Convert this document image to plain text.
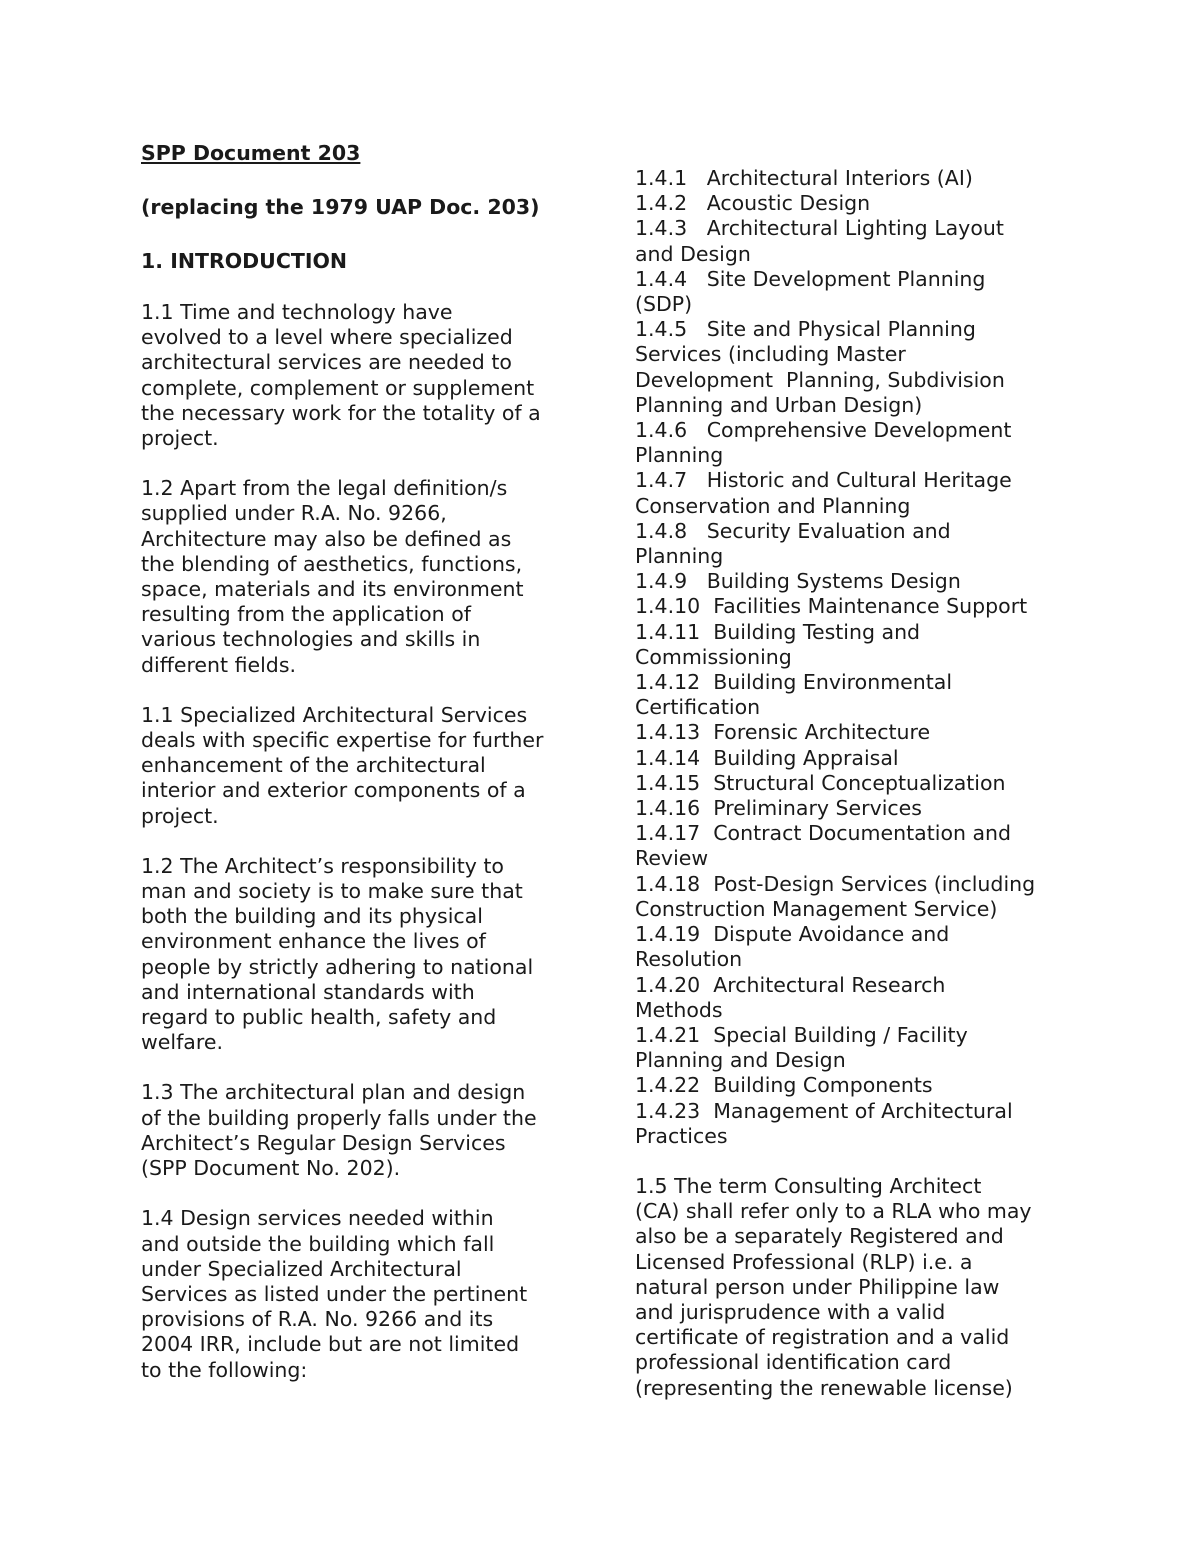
SPP Document 203

(replacing the 1979 UAP Doc. 203)

1. INTRODUCTION

1.1 Time and technology have
evolved to a level where specialized
architectural services are needed to
complete, complement or supplement
the necessary work for the totality of a
project.
1.2 Apart from the legal definition/s
supplied under R.A. No. 9266,
Architecture may also be defined as
the blending of aesthetics, functions,
space, materials and its environment
resulting from the application of
various technologies and skills in
different fields.
1.1 Specialized Architectural Services
deals with specific expertise for further
enhancement of the architectural
interior and exterior components of a
project.
1.2 The Architect’s responsibility to
man and society is to make sure that
both the building and its physical
environment enhance the lives of
people by strictly adhering to national
and international standards with
regard to public health, safety and
welfare.
1.3 The architectural plan and design
of the building properly falls under the
Architect’s Regular Design Services
(SPP Document No. 202).
1.4 Design services needed within
and outside the building which fall
under Specialized Architectural
Services as listed under the pertinent
provisions of R.A. No. 9266 and its
2004 IRR, include but are not limited
to the following:
1.4.1   Architectural Interiors (AI)
1.4.2   Acoustic Design
1.4.3   Architectural Lighting Layout
and Design
1.4.4   Site Development Planning
(SDP)
1.4.5   Site and Physical Planning
Services (including Master
Development  Planning, Subdivision
Planning and Urban Design)
1.4.6   Comprehensive Development
Planning
1.4.7   Historic and Cultural Heritage
Conservation and Planning
1.4.8   Security Evaluation and
Planning
1.4.9   Building Systems Design
1.4.10  Facilities Maintenance Support
1.4.11  Building Testing and
Commissioning
1.4.12  Building Environmental
Certification
1.4.13  Forensic Architecture
1.4.14  Building Appraisal
1.4.15  Structural Conceptualization
1.4.16  Preliminary Services
1.4.17  Contract Documentation and
Review
1.4.18  Post-Design Services (including
Construction Management Service)
1.4.19  Dispute Avoidance and
Resolution
1.4.20  Architectural Research
Methods
1.4.21  Special Building / Facility
Planning and Design
1.4.22  Building Components
1.4.23  Management of Architectural
Practices
1.5 The term Consulting Architect
(CA) shall refer only to a RLA who may
also be a separately Registered and
Licensed Professional (RLP) i.e. a
natural person under Philippine law
and jurisprudence with a valid
certificate of registration and a valid
professional identification card
(representing the renewable license)
